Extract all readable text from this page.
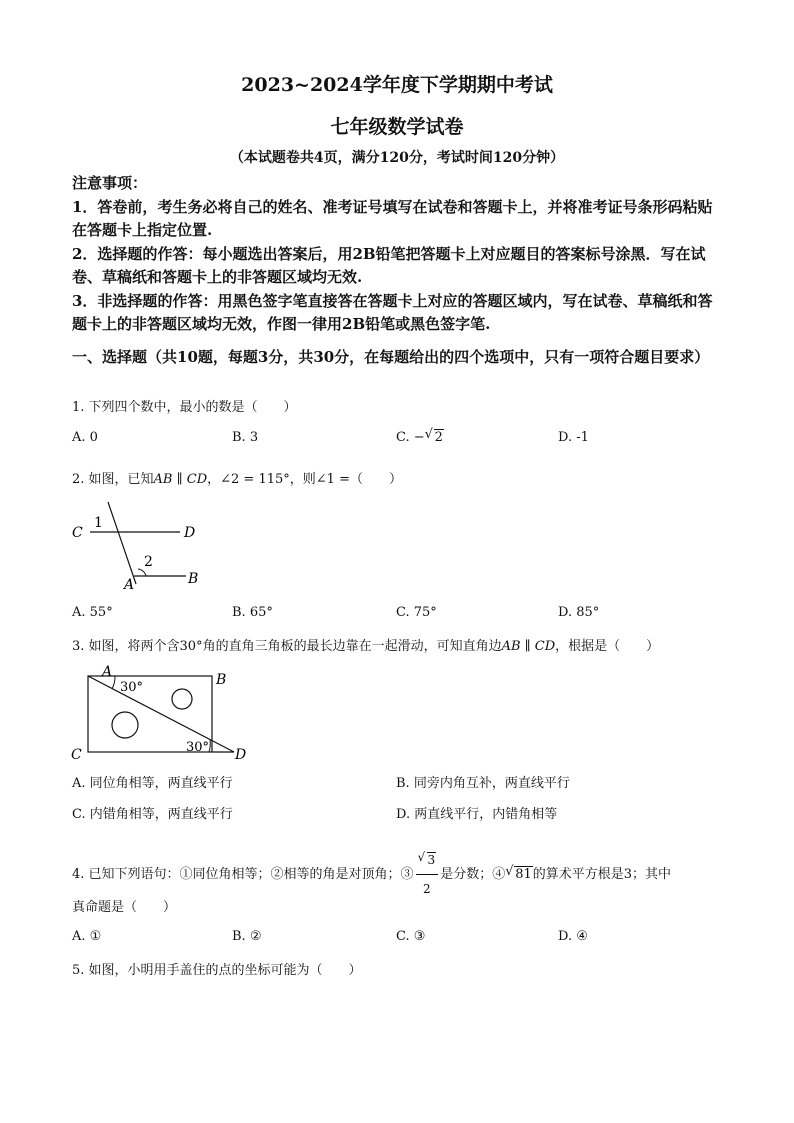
2023~2024学年度下学期期中考试
七年级数学试卷
（本试题卷共4页，满分120分，考试时间120分钟）

注意事项：

1．答卷前，考生务必将自己的姓名、准考证号填写在试卷和答题卡上，并将准考证号条形码粘贴在答题卡上指定位置.

2．选择题的作答：每小题选出答案后，用2B铅笔把答题卡上对应题目的答案标号涂黑．写在试卷、草稿纸和答题卡上的非答题区域均无效.

3．非选择题的作答：用黑色签字笔直接答在答题卡上对应的答题区域内，写在试卷、草稿纸和答题卡上的非答题区域均无效，作图一律用2B铅笔或黑色签字笔.

一、选择题（共10题，每题3分，共30分，在每题给出的四个选项中，只有一项符合题目要求）
1. 下列四个数中，最小的数是（　　）
A. 0	B. 3	C. − √ 2	D. -1
2. 如图，已知AB ∥ CD，∠2 = 115°，则∠1 =（　　）
C	D
A	B
1
2
A. 55°	B. 65°	C. 75°	D. 85°
3. 如图，将两个含30°角的直角三角板的最长边靠在一起滑动，可知直角边AB ∥ CD，根据是（　　）
A	B
C	D
30°
30°
A. 同位角相等，两直线平行	B. 同旁内角互补，两直线平行
C. 内错角相等，两直线平行	D. 两直线平行，内错角相等
4. 已知下列语句：①同位角相等；②相等的角是对顶角；③ $\frac{√ 3}{2}$ 是分数；④ √ 81的算术平方根是3；其中
真命题是（　　）
A. ①	B. ②	C. ③	D. ④
5. 如图，小明用手盖住的点的坐标可能为（　　）
